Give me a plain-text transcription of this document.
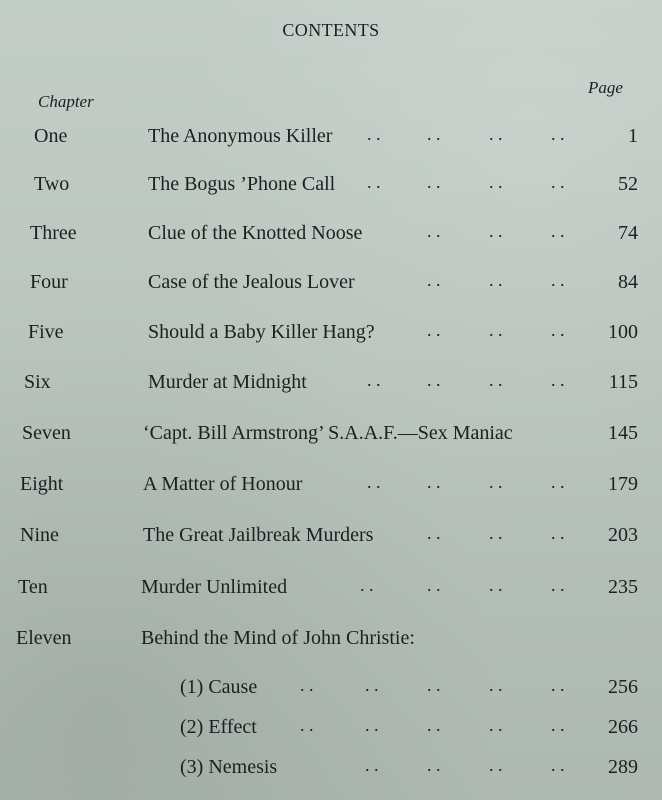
CONTENTS
Chapter
Page
One	The Anonymous Killer . .	. .	. .	. .	1
Two	The Bogus ’Phone Call . .	. .	. .	. .	52
Three	Clue of the Knotted Noose	. .	. .	. .	74
Four	Case of the Jealous Lover	. .	. .	. .	84
Five	Should a Baby Killer Hang?	. .	. .	. . 100
Six	Murder at Midnight	. .	. .	. .	. . 115
Seven	‘Capt. Bill Armstrong’ S.A.A.F.—Sex Maniac	145
Eight	A Matter of Honour	. .	. .	. .	. . 179
Nine	The Great Jailbreak Murders	. .	. .	. . 203
Ten	Murder Unlimited	. .	. .	. .	. . 235
Eleven	Behind the Mind of John Christie:
(1) Cause . .	. .	. .	. .	. . 256
(2) Effect . .	. .	. .	. .	. . 266
(3) Nemesis	. .	. .	. .	. . 289
